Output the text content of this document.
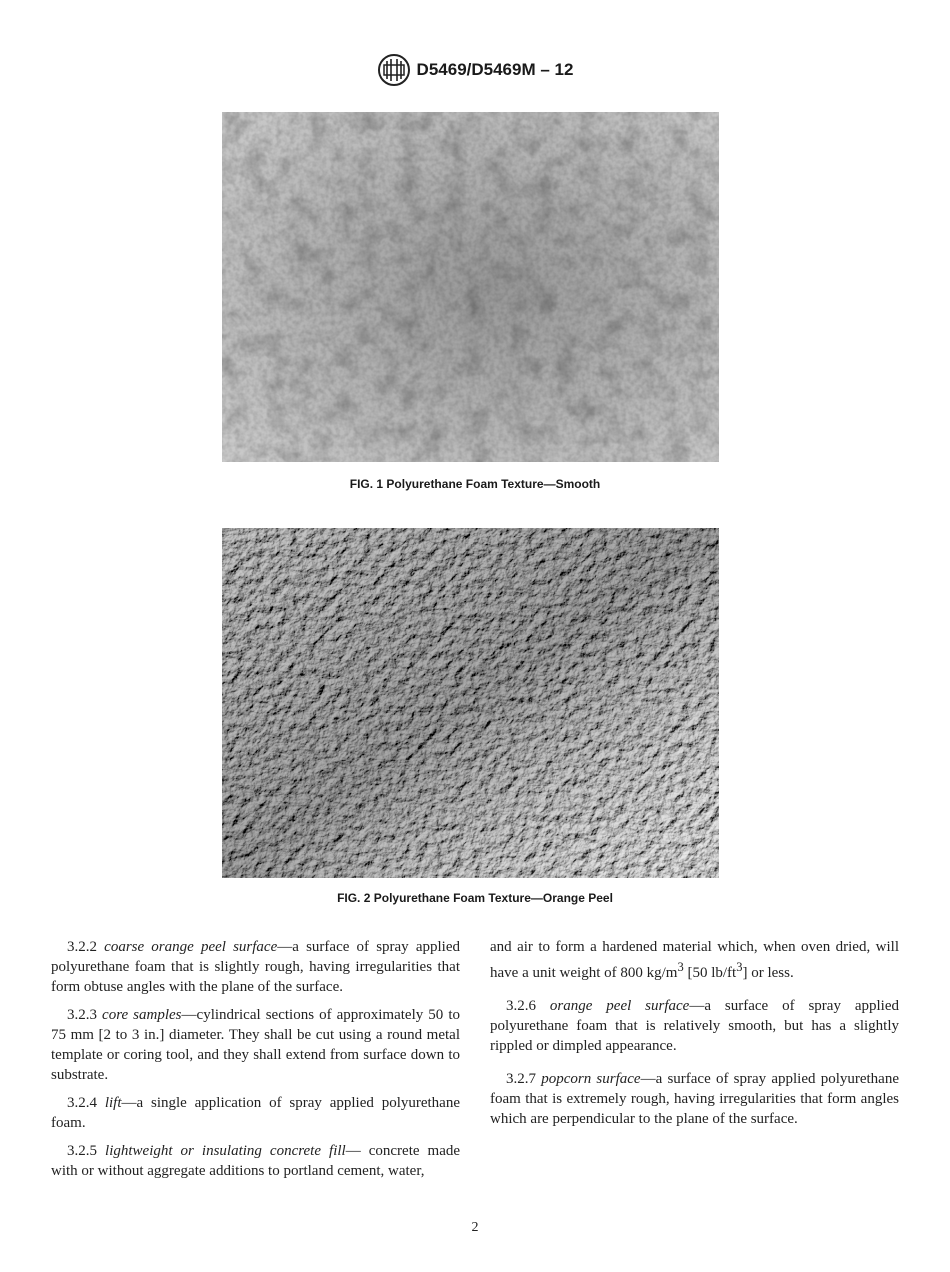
D5469/D5469M – 12
FIG. 1 Polyurethane Foam Texture—Smooth
FIG. 2 Polyurethane Foam Texture—Orange Peel

3.2.2 coarse orange peel surface—a surface of spray applied polyurethane foam that is slightly rough, having irregularities that form obtuse angles with the plane of the surface.

3.2.3 core samples—cylindrical sections of approximately 50 to 75 mm [2 to 3 in.] diameter. They shall be cut using a round metal template or coring tool, and they shall extend from surface down to substrate.

3.2.4 lift—a single application of spray applied polyurethane foam.

3.2.5 lightweight or insulating concrete fill— concrete made with or without aggregate additions to portland cement, water,

and air to form a hardened material which, when oven dried, will have a unit weight of 800 $kg/m^3$ [50 $lb/ft^3$] or less.

3.2.6 orange peel surface—a surface of spray applied polyurethane foam that is relatively smooth, but has a slightly rippled or dimpled appearance.

3.2.7 popcorn surface—a surface of spray applied polyurethane foam that is extremely rough, having irregularities that form angles which are perpendicular to the plane of the surface.

2
